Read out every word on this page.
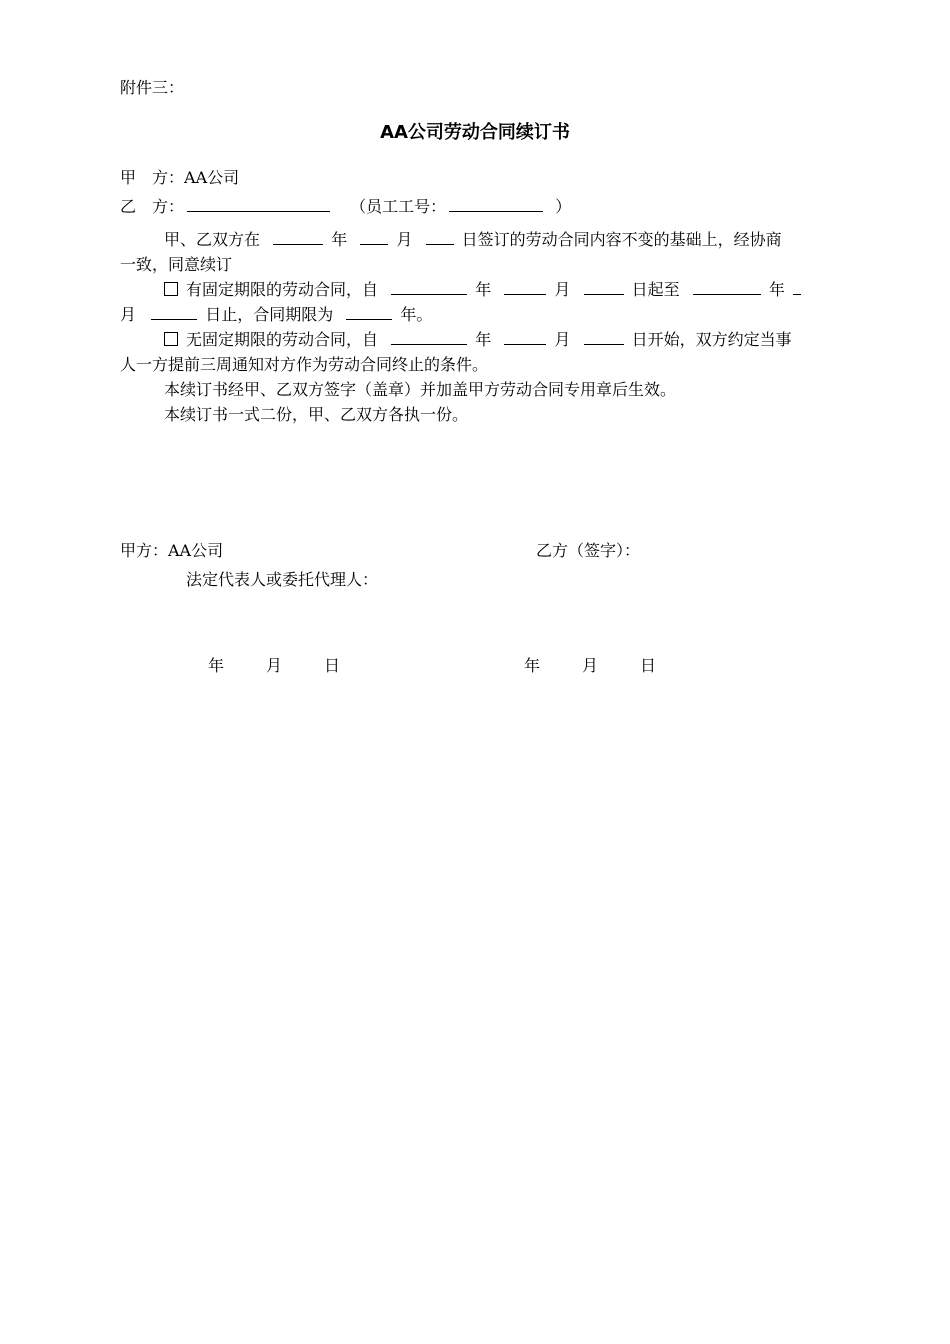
附件三：
AA公司劳动合同续订书
甲　方：AA公司
乙　方：	（员工工号：	）
甲、乙双方在	年	月	日签订的劳动合同内容不变的基础上，经协商
一致，同意续订
有固定期限的劳动合同，自	年	月	日起至	年
月	日止，合同期限为	年。
无固定期限的劳动合同，自	年	月	日开始，双方约定当事
人一方提前三周通知对方作为劳动合同终止的条件。
本续订书经甲、乙双方签字（盖章）并加盖甲方劳动合同专用章后生效。
本续订书一式二份，甲、乙双方各执一份。
甲方：AA公司	乙方（签字）：
法定代表人或委托代理人：
年	月	日	年	月	日
